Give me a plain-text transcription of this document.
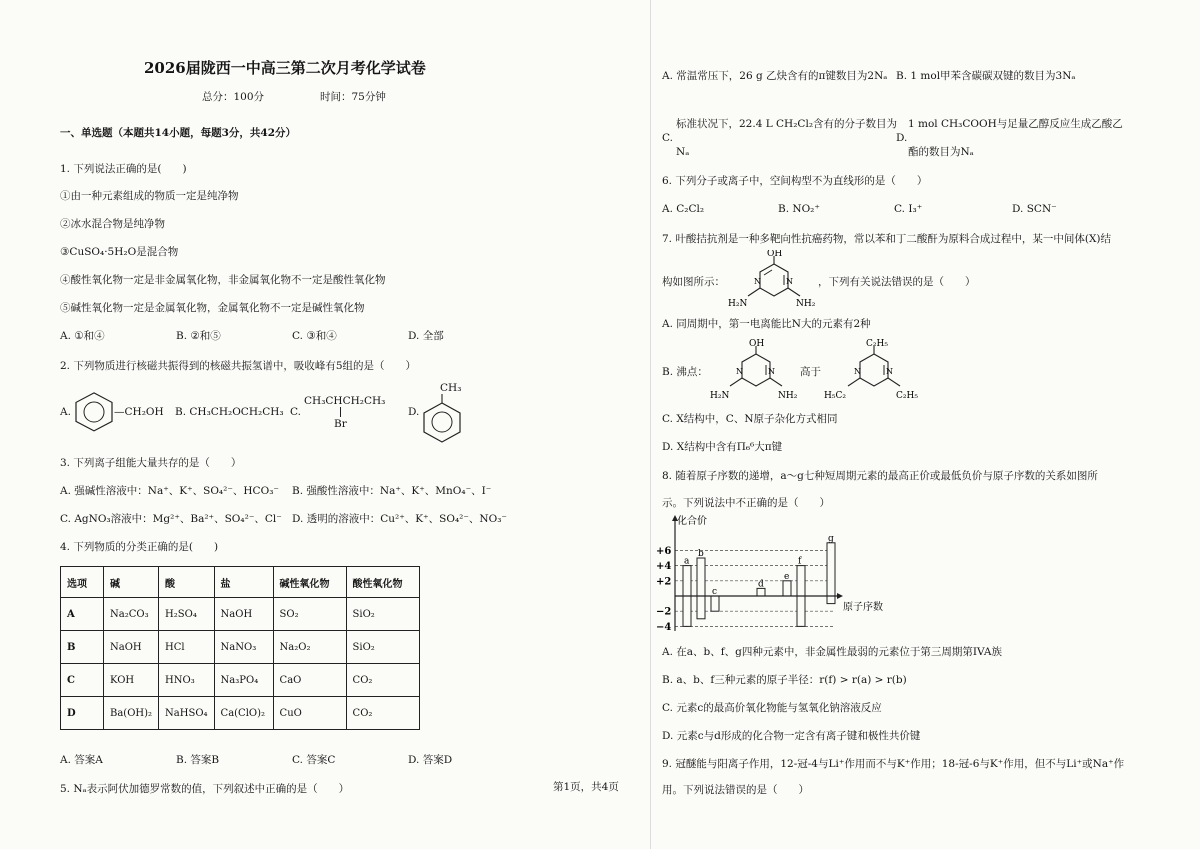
2026届陇西一中高三第二次月考化学试卷
总分：100分	时间：75分钟
一、单选题（本题共14小题，每题3分，共42分）
1. 下列说法正确的是(　　)
①由一种元素组成的物质一定是纯净物
②冰水混合物是纯净物
③CuSO₄·5H₂O是混合物
④酸性氧化物一定是非金属氧化物，非金属氧化物不一定是酸性氧化物
⑤碱性氧化物一定是金属氧化物，金属氧化物不一定是碱性氧化物
A. ①和④	B. ②和⑤	C. ③和④	D. 全部
2. 下列物质进行核磁共振得到的核磁共振氢谱中，吸收峰有5组的是（　　）
A.	—CH₂OH B. CH₃CH₂OCH₂CH₃ C.
CH₃CHCH₂CH₃
Br
D.
CH₃
3. 下列离子组能大量共存的是（　　）
A. 强碱性溶液中：Na⁺、K⁺、SO₄²⁻、HCO₃⁻ B. 强酸性溶液中：Na⁺、K⁺、MnO₄⁻、I⁻
C. AgNO₃溶液中：Mg²⁺、Ba²⁺、SO₄²⁻、Cl⁻ D. 透明的溶液中：Cu²⁺、K⁺、SO₄²⁻、NO₃⁻
4. 下列物质的分类正确的是(　　)
选项	碱	酸	盐	碱性氧化物	酸性氧化物
A	Na₂CO₃	H₂SO₄	NaOH	SO₂	SiO₂
B	NaOH	HCl	NaNO₃	Na₂O₂	SiO₂
C	KOH	HNO₃	Na₃PO₄	CaO	CO₂
D	Ba(OH)₂	NaHSO₄	Ca(ClO)₂	CuO	CO₂
A. 答案A	B. 答案B	C. 答案C	D. 答案D
5. Nₐ表示阿伏加德罗常数的值，下列叙述中正确的是（　　）	第1页，共4页
A. 常温常压下，26 g 乙炔含有的π键数目为2Nₐ B. 1 mol甲苯含碳碳双键的数目为3Nₐ
C.
标准状况下，22.4 L CH₂Cl₂含有的分子数目为
Nₐ
D.
1 mol CH₃COOH与足量乙醇反应生成乙酸乙
酯的数目为Nₐ
6. 下列分子或离子中，空间构型不为直线形的是（　　）
A. C₂Cl₂	B. NO₂⁺	C. I₃⁺	D. SCN⁻
7. 叶酸拮抗剂是一种多靶向性抗癌药物，常以苯和丁二酸酐为原料合成过程中，某一中间体(X)结
构如图所示：
OH
H₂N	NH₂
N	N ，下列有关说法错误的是（　　）
A. 同周期中，第一电离能比N大的元素有2种
B. 沸点：
OH
H₂N	NH₂
N	N 高于
C₂H₅
H₅C₂	C₂H₅
N	N
C. X结构中，C、N原子杂化方式相同
D. X结构中含有Π₆⁶大π键
8. 随着原子序数的递增，a～g七种短周期元素的最高正价或最低负价与原子序数的关系如图所
示。下列说法中不正确的是（　　）
化合价
原子序数
+6
+4
+2
−2
−4
a
b
c
d
e
f
g
A. 在a、b、f、g四种元素中，非金属性最弱的元素位于第三周期第IVA族
B. a、b、f三种元素的原子半径：r(f) > r(a) > r(b)
C. 元素c的最高价氧化物能与氢氧化钠溶液反应
D. 元素c与d形成的化合物一定含有离子键和极性共价键
9. 冠醚能与阳离子作用，12-冠-4与Li⁺作用而不与K⁺作用；18-冠-6与K⁺作用，但不与Li⁺或Na⁺作
用。下列说法错误的是（　　）
